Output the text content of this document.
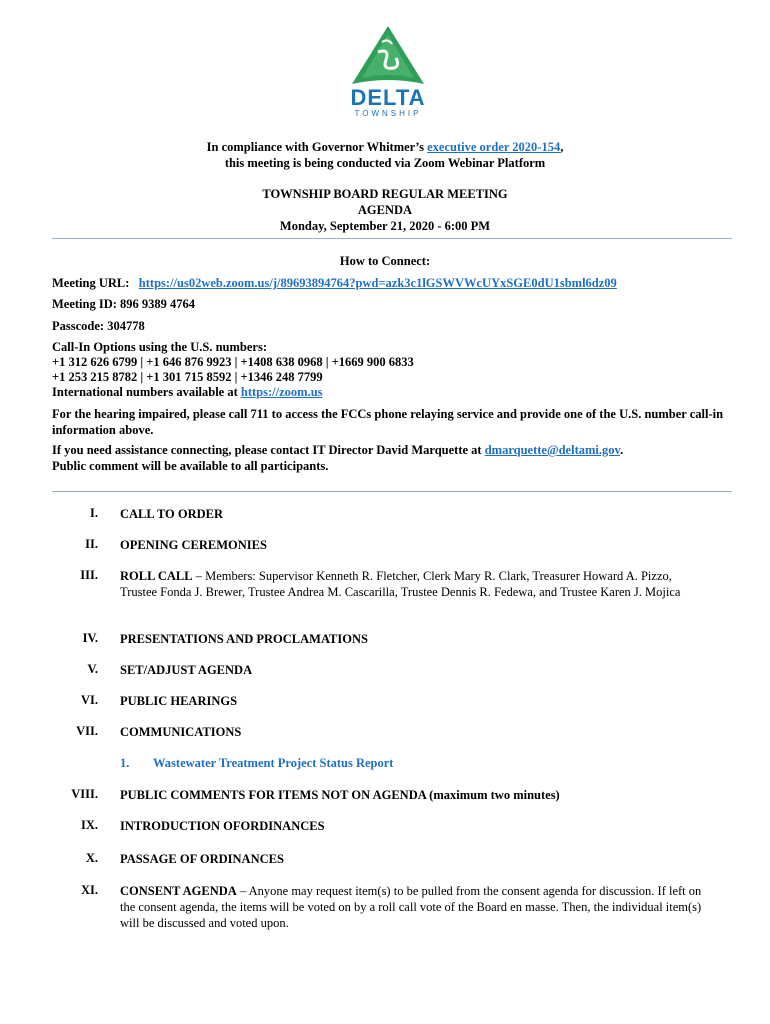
DELTA
TOWNSHIP
In compliance with Governor Whitmer’s executive order 2020-154,
this meeting is being conducted via Zoom Webinar Platform
TOWNSHIP BOARD REGULAR MEETING
AGENDA
Monday, September 21, 2020 - 6:00 PM
How to Connect:
Meeting URL: https://us02web.zoom.us/j/89693894764?pwd=azk3c1lGSWVWcUYxSGE0dU1sbml6dz09
Meeting ID: 896 9389 4764
Passcode: 304778
Call-In Options using the U.S. numbers:
+1 312 626 6799 | +1 646 876 9923 | +1408 638 0968 | +1669 900 6833
+1 253 215 8782 | +1 301 715 8592 | +1346 248 7799
International numbers available at https://zoom.us
For the hearing impaired, please call 711 to access the FCCs phone relaying service and provide one of the U.S. number call-in information above.
If you need assistance connecting, please contact IT Director David Marquette at dmarquette@deltami.gov.
Public comment will be available to all participants.
I. CALL TO ORDER
II. OPENING CEREMONIES
III. ROLL CALL – Members: Supervisor Kenneth R. Fletcher, Clerk Mary R. Clark, Treasurer Howard A. Pizzo, Trustee Fonda J. Brewer, Trustee Andrea M. Cascarilla, Trustee Dennis R. Fedewa, and Trustee Karen J. Mojica
IV. PRESENTATIONS AND PROCLAMATIONS
V. SET/ADJUST AGENDA
VI. PUBLIC HEARINGS
VII. COMMUNICATIONS
1. Wastewater Treatment Project Status Report
VIII. PUBLIC COMMENTS FOR ITEMS NOT ON AGENDA (maximum two minutes)
IX. INTRODUCTION OFORDINANCES
X. PASSAGE OF ORDINANCES
XI. CONSENT AGENDA – Anyone may request item(s) to be pulled from the consent agenda for discussion. If left on the consent agenda, the items will be voted on by a roll call vote of the Board en masse. Then, the individual item(s) will be discussed and voted upon.
